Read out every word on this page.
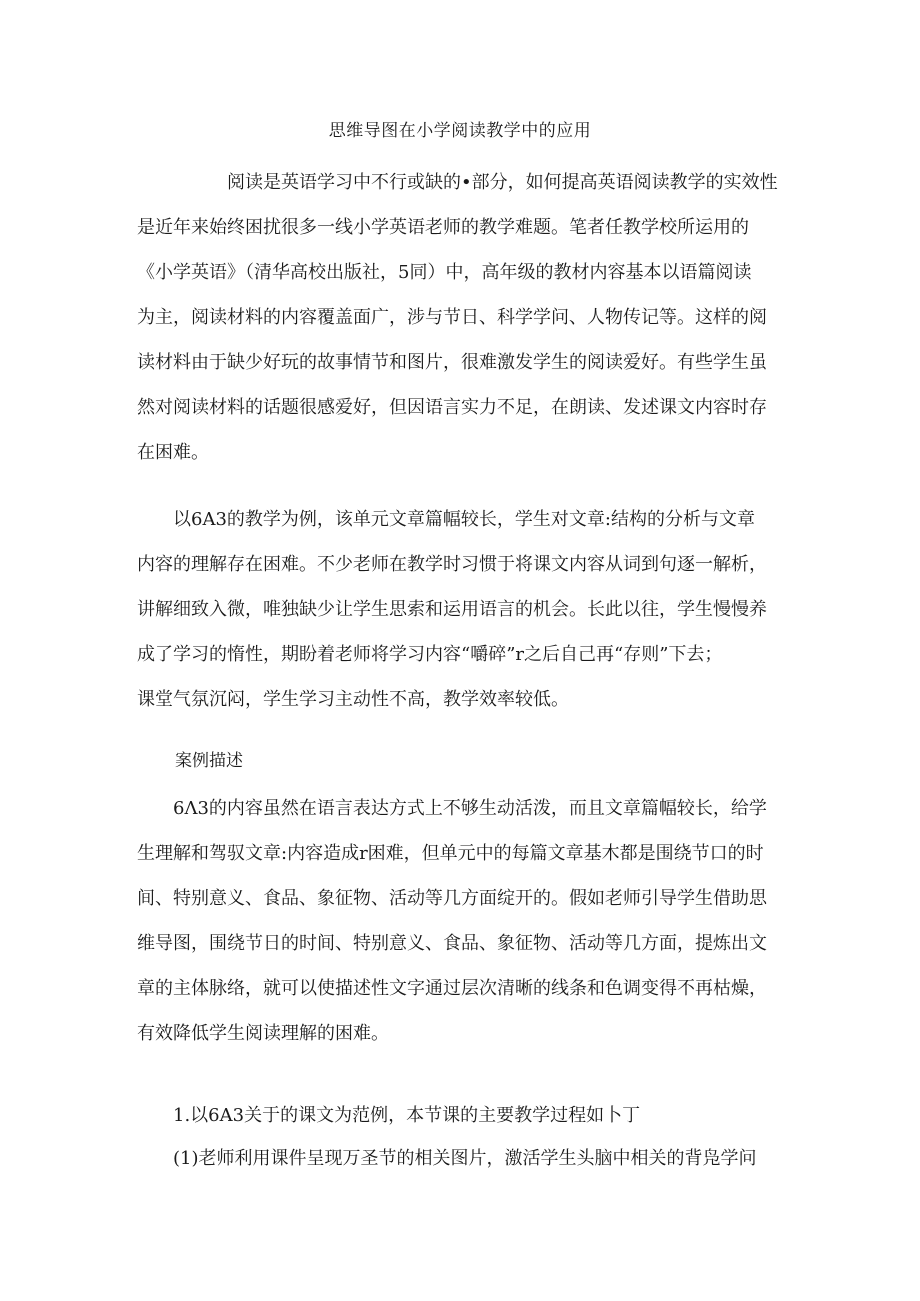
思维导图在小学阅读教学中的应用
　　　　　阅读是英语学习中不行或缺的•部分，如何提高英语阅读教学的实效性
是近年来始终困扰很多一线小学英语老师的教学难题。笔者任教学校所运用的
《小学英语》（清华高校出版社，5同）中，高年级的教材内容基本以语篇阅读
为主，阅读材料的内容覆盖面广，涉与节日、科学学问、人物传记等。这样的阅
读材料由于缺少好玩的故事情节和图片，很难激发学生的阅读爱好。有些学生虽
然对阅读材料的话题很感爱好，但因语言实力不足，在朗读、发述课文内容时存
在困难。
　　以6A3的教学为例，该单元文章篇幅较长，学生对文章:结构的分析与文章
内容的理解存在困难。不少老师在教学时习惯于将课文内容从词到句逐一解析，
讲解细致入微，唯独缺少让学生思索和运用语言的机会。长此以往，学生慢慢养
成了学习的惰性，期盼着老师将学习内容“嚼碎”r之后自己再“存则”下去；
课堂气氛沉闷，学生学习主动性不高，教学效率较低。
案例描述
　　6Λ3的内容虽然在语言表达方式上不够生动活泼，而且文章篇幅较长，给学
生理解和驾驭文章:内容造成r困难，但单元中的每篇文章基木都是围绕节口的时
间、特别意义、食品、象征物、活动等几方面绽开的。假如老师引导学生借助思
维导图，围绕节日的时间、特别意义、食品、象征物、活动等几方面，提炼出文
章的主体脉络，就可以使描述性文字通过层次清晰的线条和色调变得不再枯燥，
有效降低学生阅读理解的困难。
　　1.以6A3关于的课文为范例，本节课的主要教学过程如卜丁
　　(1)老师利用课件呈现万圣节的相关图片，激活学生头脑中相关的背凫学问
